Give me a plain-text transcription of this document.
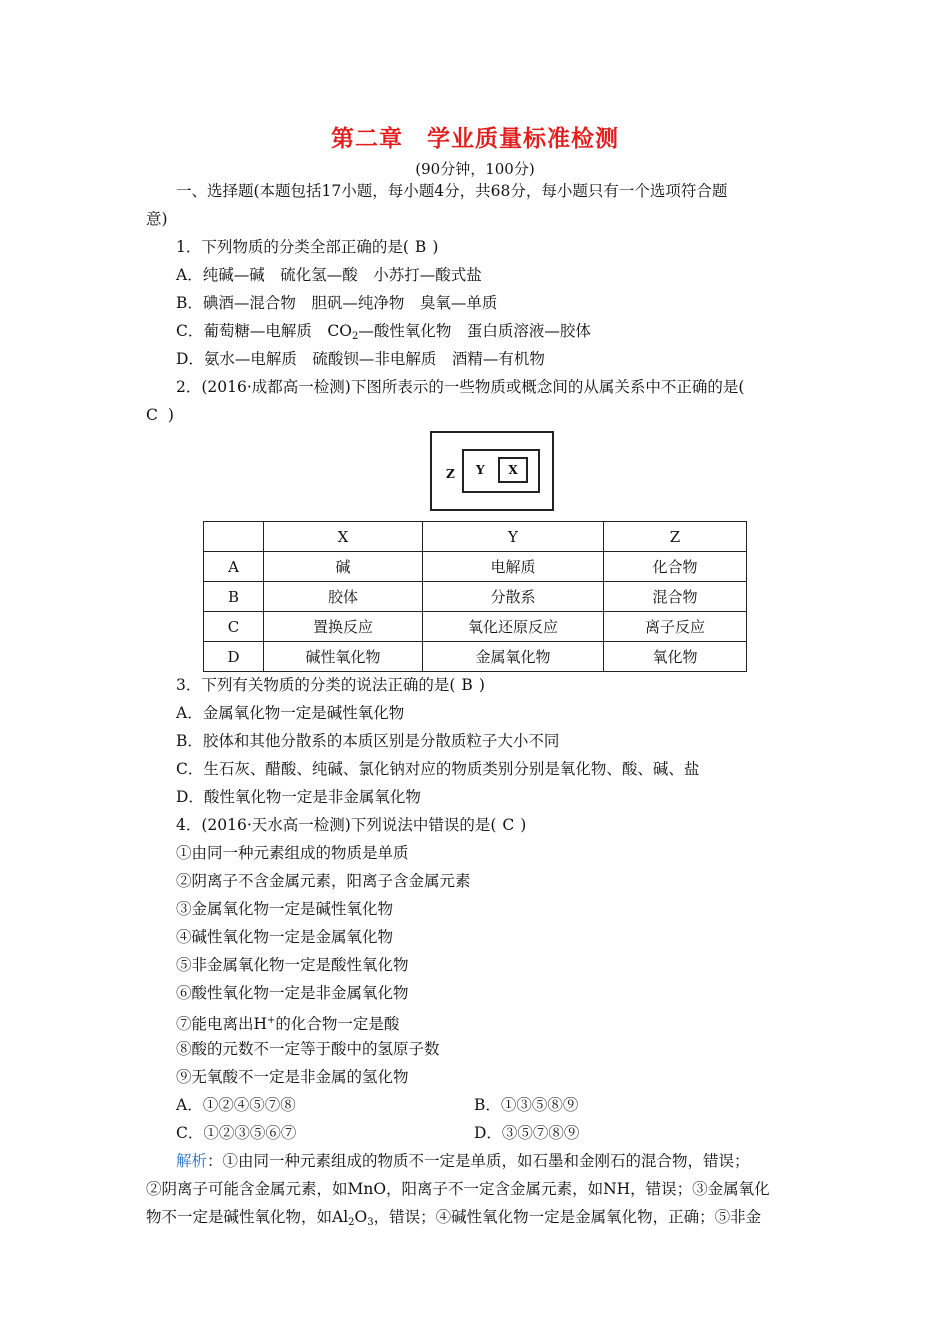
第二章　学业质量标准检测
(90分钟，100分)
一、选择题(本题包括17小题，每小题4分，共68分，每小题只有一个选项符合题
意)
1．下列物质的分类全部正确的是( B )
A．纯碱—碱　硫化氢—酸　小苏打—酸式盐
B．碘酒—混合物　胆矾—纯净物　臭氧—单质
C．葡萄糖—电解质　$CO_2—$酸性氧化物　蛋白质溶液—胶体
D．氨水—电解质　硫酸钡—非电解质　酒精—有机物
2．(2016·成都高一检测)下图所表示的一些物质或概念间的从属关系中不正确的是(
C )
Z Y	X
	X	Y	Z
A	碱	电解质	化合物
B	胶体	分散系	混合物
C	置换反应	氧化还原反应	离子反应
D	碱性氧化物	金属氧化物	氧化物
3．下列有关物质的分类的说法正确的是( B )
A．金属氧化物一定是碱性氧化物
B．胶体和其他分散系的本质区别是分散质粒子大小不同
C．生石灰、醋酸、纯碱、氯化钠对应的物质类别分别是氧化物、酸、碱、盐
D．酸性氧化物一定是非金属氧化物
4．(2016·天水高一检测)下列说法中错误的是( C )
①由同一种元素组成的物质是单质
②阴离子不含金属元素，阳离子含金属元素
③金属氧化物一定是碱性氧化物
④碱性氧化物一定是金属氧化物
⑤非金属氧化物一定是酸性氧化物
⑥酸性氧化物一定是非金属氧化物
⑦能电离出H+的化合物一定是酸
⑧酸的元数不一定等于酸中的氢原子数
⑨无氧酸不一定是非金属的氢化物
A．①②④⑤⑦⑧	B．①③⑤⑧⑨
C．①②③⑤⑥⑦	D．③⑤⑦⑧⑨
解析：①由同一种元素组成的物质不一定是单质，如石墨和金刚石的混合物，错误；
②阴离子可能含金属元素，如MnO，阳离子不一定含金属元素，如NH，错误；③金属氧化
物不一定是碱性氧化物，如$Al_2O_3$，错误；④碱性氧化物一定是金属氧化物，正确；⑤非金
